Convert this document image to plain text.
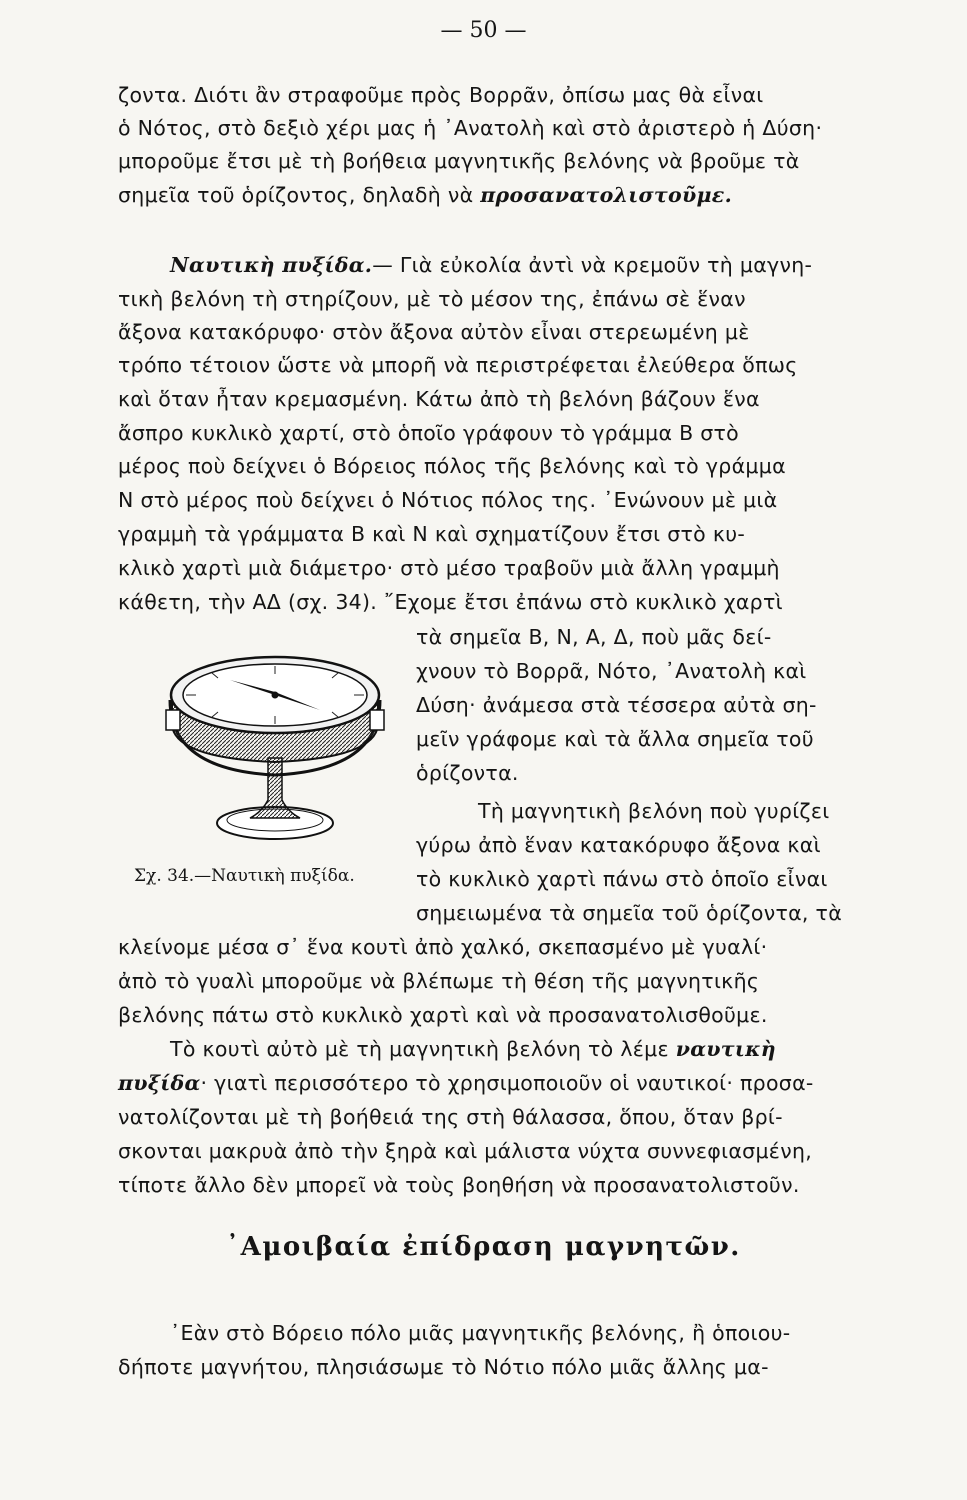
— 50 —
ζοντα. Διότι ἂν στραφοῦμε πρὸς Βορρᾶν, ὀπίσω μας θὰ εἶναι
ὁ Νότος, στὸ δεξιὸ χέρι μας ἡ ᾽Ανατολὴ καὶ στὸ ἀριστερὸ ἡ Δύση·
μποροῦμε ἔτσι μὲ τὴ βοήθεια μαγνητικῆς βελόνης νὰ βροῦμε τὰ
σημεῖα τοῦ ὁρίζοντος, δηλαδὴ νὰ προσανατολιστοῦμε.
Ναυτικὴ πυξίδα.— Γιὰ εὐκολία ἀντὶ νὰ κρεμοῦν τὴ μαγνη-
τικὴ βελόνη τὴ στηρίζουν, μὲ τὸ μέσον της, ἐπάνω σὲ ἕναν
ἄξονα κατακόρυφο· στὸν ἄξονα αὐτὸν εἶναι στερεωμένη μὲ
τρόπο τέτοιον ὥστε νὰ μπορῆ νὰ περιστρέφεται ἐλεύθερα ὅπως
καὶ ὅταν ἦταν κρεμασμένη. Κάτω ἀπὸ τὴ βελόνη βάζουν ἕνα
ἄσπρο κυκλικὸ χαρτί, στὸ ὁποῖο γράφουν τὸ γράμμα Β στὸ
μέρος ποὺ δείχνει ὁ Βόρειος πόλος τῆς βελόνης καὶ τὸ γράμμα
Ν στὸ μέρος ποὺ δείχνει ὁ Νότιος πόλος της. ᾽Ενώνουν μὲ μιὰ
γραμμὴ τὰ γράμματα Β καὶ Ν καὶ σχηματίζουν ἔτσι στὸ κυ-
κλικὸ χαρτὶ μιὰ διάμετρο· στὸ μέσο τραβοῦν μιὰ ἄλλη γραμμὴ
κάθετη, τὴν ΑΔ (σχ. 34). ῎Εχομε ἔτσι ἐπάνω στὸ κυκλικὸ χαρτὶ
τὰ σημεῖα Β, Ν, Α, Δ, ποὺ μᾶς δεί-
χνουν τὸ Βορρᾶ, Νότο, ᾽Ανατολὴ καὶ
Δύση· ἀνάμεσα στὰ τέσσερα αὐτὰ ση-
μεῖν γράφομε καὶ τὰ ἄλλα σημεῖα τοῦ
ὁρίζοντα.
Τὴ μαγνητικὴ βελόνη ποὺ γυρίζει
γύρω ἀπὸ ἕναν κατακόρυφο ἄξονα καὶ
τὸ κυκλικὸ χαρτὶ πάνω στὸ ὁποῖο εἶναι
σημειωμένα τὰ σημεῖα τοῦ ὁρίζοντα, τὰ
Σχ. 34.—Ναυτικὴ πυξίδα.
κλείνομε μέσα σ᾽ ἕνα κουτὶ ἀπὸ χαλκό, σκεπασμένο μὲ γυαλί·
ἀπὸ τὸ γυαλὶ μποροῦμε νὰ βλέπωμε τὴ θέση τῆς μαγνητικῆς
βελόνης πάτω στὸ κυκλικὸ χαρτὶ καὶ νὰ προσανατολισθοῦμε.
Τὸ κουτὶ αὐτὸ μὲ τὴ μαγνητικὴ βελόνη τὸ λέμε ναυτικὴ
πυξίδα· γιατὶ περισσότερο τὸ χρησιμοποιοῦν οἱ ναυτικοί· προσα-
νατολίζονται μὲ τὴ βοήθειά της στὴ θάλασσα, ὅπου, ὅταν βρί-
σκονται μακρυὰ ἀπὸ τὴν ξηρὰ καὶ μάλιστα νύχτα συννεφιασμένη,
τίποτε ἄλλο δὲν μπορεῖ νὰ τοὺς βοηθήση νὰ προσανατολιστοῦν.
᾽Αμοιβαία ἐπίδραση μαγνητῶν.
᾽Εὰν στὸ Βόρειο πόλο μιᾶς μαγνητικῆς βελόνης, ἢ ὁποιου-
δήποτε μαγνήτου, πλησιάσωμε τὸ Νότιο πόλο μιᾶς ἄλλης μα-
